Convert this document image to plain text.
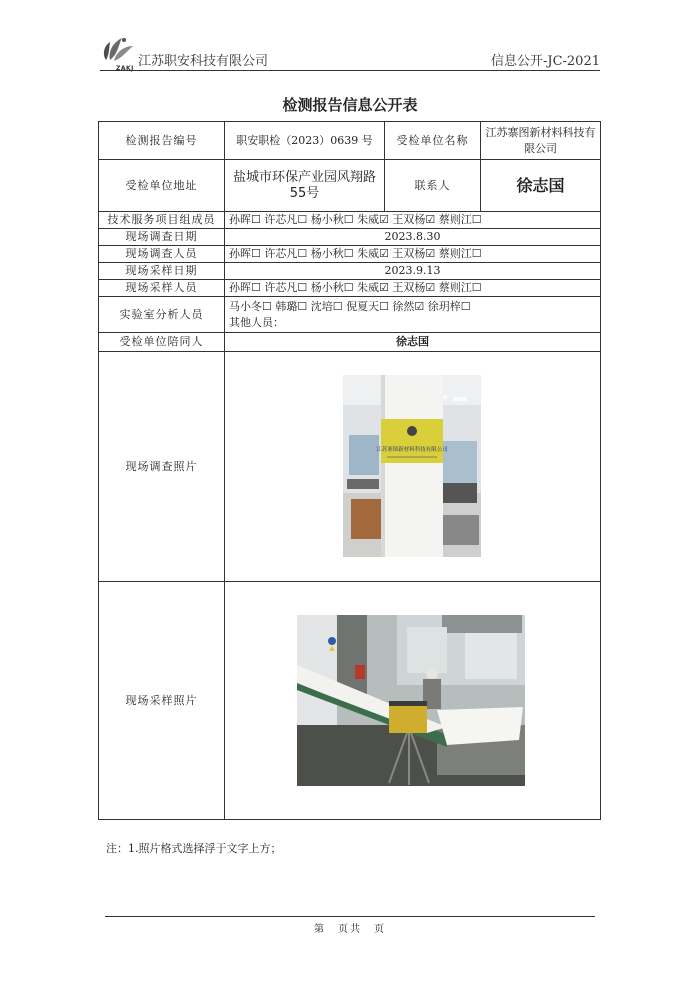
ZAKJ 江苏职安科技有限公司	信息公开-JC-2021
检测报告信息公开表
检测报告编号	职安职检（2023）0639 号	受检单位名称	江苏寨图新材料科技有限公司
受检单位地址	盐城市环保产业园风翔路55号	联系人	徐志国
技术服务项目组成员	孙晖☐ 许芯凡☐ 杨小秋☐ 朱威☑ 王双杨☑ 蔡则江☐		
现场调查日期	2023.8.30		
现场调查人员	孙晖☐ 许芯凡☐ 杨小秋☐ 朱威☑ 王双杨☑ 蔡则江☐		
现场采样日期	2023.9.13		
现场采样人员	孙晖☐ 许芯凡☐ 杨小秋☐ 朱威☑ 王双杨☑ 蔡则江☐		
实验室分析人员	马小冬☐ 韩璐☐ 沈培☐ 倪夏天☐ 徐然☑ 徐玥梓☐
其他人员：		

受检单位陪同人	徐志国		
现场调查照片	江苏寨图新材料科技有限公司		

现场采样照片	
注：1.照片格式选择浮于文字上方；
第　页共　页
